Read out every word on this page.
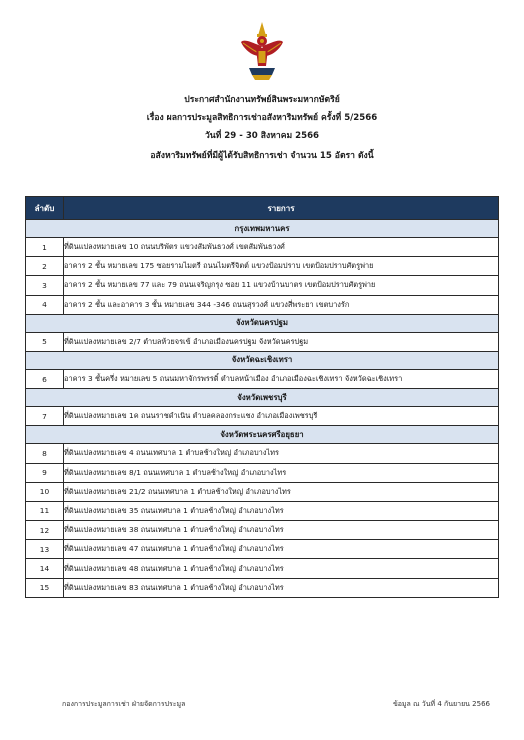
ประกาศสำนักงานทรัพย์สินพระมหากษัตริย์
เรื่อง ผลการประมูลสิทธิการเช่าอสังหาริมทรัพย์ ครั้งที่ 5/2566
วันที่ 29 - 30 สิงหาคม 2566
อสังหาริมทรัพย์ที่มีผู้ได้รับสิทธิการเช่า จำนวน 15 อัตรา ดังนี้
ลำดับ	รายการ
กรุงเทพมหานคร	
1	ที่ดินแปลงหมายเลข 10 ถนนบริพัตร แขวงสัมพันธวงศ์ เขตสัมพันธวงศ์
2	อาคาร 2 ชั้น หมายเลข 175 ซอยรามไมตรี ถนนไมตรีจิตต์ แขวงป้อมปราบ เขตป้อมปราบศัตรูพ่าย
3	อาคาร 2 ชั้น หมายเลข 77 และ 79 ถนนเจริญกรุง ซอย 11 แขวงบ้านบาตร เขตป้อมปราบศัตรูพ่าย
4	อาคาร 2 ชั้น และอาคาร 3 ชั้น หมายเลข 344 -346 ถนนสุรวงศ์ แขวงสี่พระยา เขตบางรัก
จังหวัดนครปฐม	
5	ที่ดินแปลงหมายเลข 2/7 ตำบลห้วยจรเข้ อำเภอเมืองนครปฐม จังหวัดนครปฐม
จังหวัดฉะเชิงเทรา	
6	อาคาร 3 ชั้นครึ่ง หมายเลข 5 ถนนมหาจักรพรรดิ์ ตำบลหน้าเมือง อำเภอเมืองฉะเชิงเทรา จังหวัดฉะเชิงเทรา
จังหวัดเพชรบุรี	
7	ที่ดินแปลงหมายเลข 1ค ถนนราชดำเนิน ตำบลคลองกระแชง อำเภอเมืองเพชรบุรี
จังหวัดพระนครศรีอยุธยา	
8	ที่ดินแปลงหมายเลข 4 ถนนเทศบาล 1 ตำบลช้างใหญ่ อำเภอบางไทร
9	ที่ดินแปลงหมายเลข 8/1 ถนนเทศบาล 1 ตำบลช้างใหญ่ อำเภอบางไทร
10	ที่ดินแปลงหมายเลข 21/2 ถนนเทศบาล 1 ตำบลช้างใหญ่ อำเภอบางไทร
11	ที่ดินแปลงหมายเลข 35 ถนนเทศบาล 1 ตำบลช้างใหญ่ อำเภอบางไทร
12	ที่ดินแปลงหมายเลข 38 ถนนเทศบาล 1 ตำบลช้างใหญ่ อำเภอบางไทร
13	ที่ดินแปลงหมายเลข 47 ถนนเทศบาล 1 ตำบลช้างใหญ่ อำเภอบางไทร
14	ที่ดินแปลงหมายเลข 48 ถนนเทศบาล 1 ตำบลช้างใหญ่ อำเภอบางไทร
15	ที่ดินแปลงหมายเลข 83 ถนนเทศบาล 1 ตำบลช้างใหญ่ อำเภอบางไทร
กองการประมูลการเช่า ฝ่ายจัดการประมูล	ข้อมูล ณ วันที่ 4 กันยายน 2566
